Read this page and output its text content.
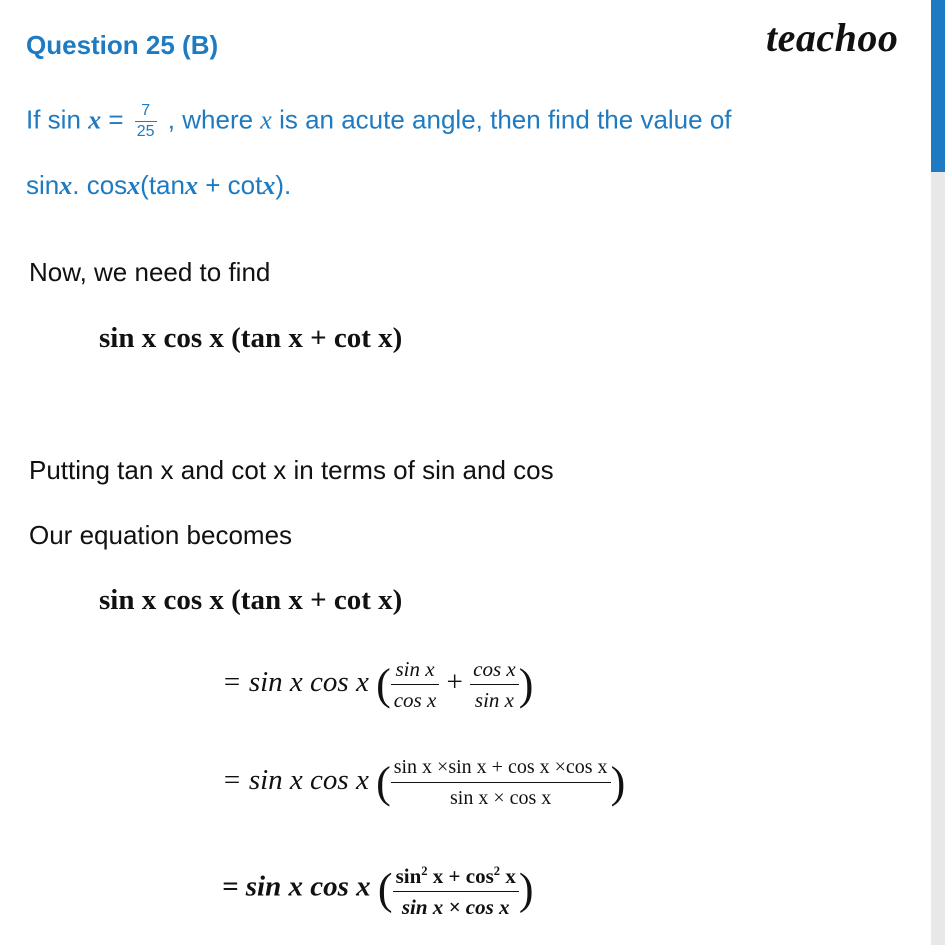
Question 25 (B)	teachoo
If $\sin x = \frac{7}{25}$ , where x is an acute angle, then find the value of
sinx. cosx(tanx + cotx).
Now, we need to find
sin x cos x (tan x + cot x)
Putting tan x and cot x in terms of sin and cos
Our equation becomes
sin x cos x (tan x + cot x)
= sin x cos x ( $\frac{\text{sin x}}{\text{cos x}} + \frac{\text{cos x}}{\text{sin x}}$ )
= sin x cos x ( $\frac{\text{sin x ×sin x + cos x ×cos x}}{\text{sin x × cos x}}$ )
= sin x cos x ( $\frac{\sin^2 x + \cos^2 x}{\text{sin x × cos x}}$ )
